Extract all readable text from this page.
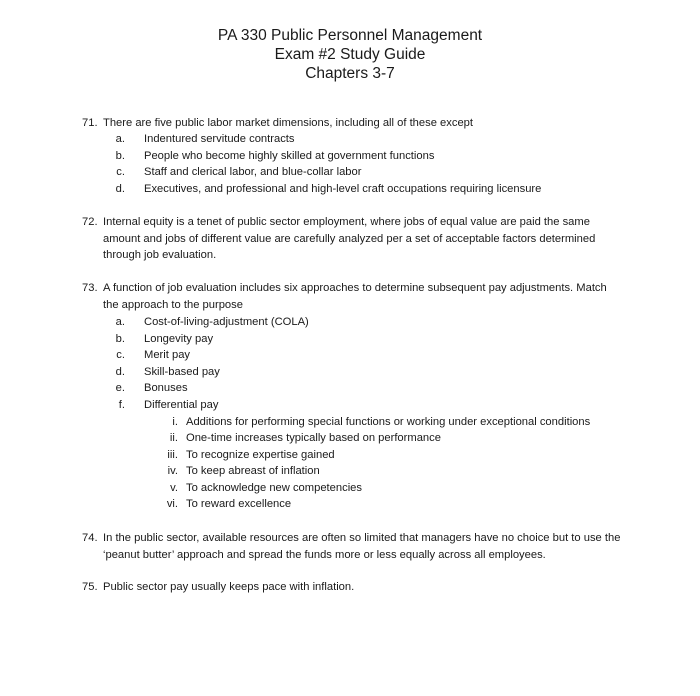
PA 330 Public Personnel Management
Exam #2 Study Guide
Chapters 3-7
71. There are five public labor market dimensions, including all of these except
a. Indentured servitude contracts
b. People who become highly skilled at government functions
c. Staff and clerical labor, and blue-collar labor
d. Executives, and professional and high-level craft occupations requiring licensure
72. Internal equity is a tenet of public sector employment, where jobs of equal value are paid the same amount and jobs of different value are carefully analyzed per a set of acceptable factors determined through job evaluation.
73. A function of job evaluation includes six approaches to determine subsequent pay adjustments. Match the approach to the purpose
a. Cost-of-living-adjustment (COLA)
b. Longevity pay
c. Merit pay
d. Skill-based pay
e. Bonuses
f. Differential pay
i. Additions for performing special functions or working under exceptional conditions
ii. One-time increases typically based on performance
iii. To recognize expertise gained
iv. To keep abreast of inflation
v. To acknowledge new competencies
vi. To reward excellence
74. In the public sector, available resources are often so limited that managers have no choice but to use the ‘peanut butter’ approach and spread the funds more or less equally across all employees.
75. Public sector pay usually keeps pace with inflation.
